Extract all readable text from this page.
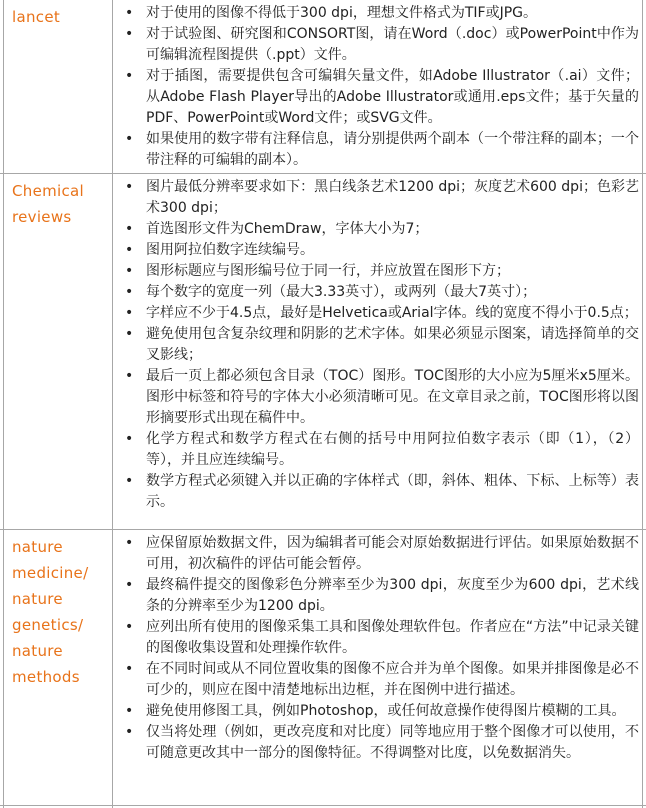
lancet	• 对于使用的图像不得低于300 dpi，理想文件格式为TIF或JPG。
• 对于试验图、研究图和CONSORT图，请在Word（.doc）或PowerPoint中作为可编辑流程图提供（.ppt）文件。
• 对于插图，需要提供包含可编辑矢量文件，如Adobe Illustrator（.ai）文件；从Adobe Flash Player导出的Adobe Illustrator或通用.eps文件；基于矢量的PDF、PowerPoint或Word文件；或SVG文件。
• 如果使用的数字带有注释信息，请分别提供两个副本（一个带注释的副本；一个带注释的可编辑的副本）。
Chemical reviews
• 图片最低分辨率要求如下：黑白线条艺术1200 dpi；灰度艺术600 dpi；色彩艺术300 dpi；
• 首选图形文件为ChemDraw，字体大小为7；
• 图用阿拉伯数字连续编号。
• 图形标题应与图形编号位于同一行，并应放置在图形下方；
• 每个数字的宽度一列（最大3.33英寸），或两列（最大7英寸）；
• 字样应不少于4.5点，最好是Helvetica或Arial字体。线的宽度不得小于0.5点；
• 避免使用包含复杂纹理和阴影的艺术字体。如果必须显示图案，请选择简单的交叉影线；
• 最后一页上都必须包含目录（TOC）图形。TOC图形的大小应为5厘米x5厘米。图形中标签和符号的字体大小必须清晰可见。在文章目录之前，TOC图形将以图形摘要形式出现在稿件中。
• 化学方程式和数学方程式在右侧的括号中用阿拉伯数字表示（即（1），（2）等），并且应连续编号。
• 数学方程式必须键入并以正确的字体样式（即，斜体、粗体、下标、上标等）表示。
nature medicine/ nature genetics/ nature methods
• 应保留原始数据文件，因为编辑者可能会对原始数据进行评估。如果原始数据不可用，初次稿件的评估可能会暂停。
• 最终稿件提交的图像彩色分辨率至少为300 dpi，灰度至少为600 dpi，艺术线条的分辨率至少为1200 dpi。
• 应列出所有使用的图像采集工具和图像处理软件包。作者应在“方法”中记录关键的图像收集设置和处理操作软件。
• 在不同时间或从不同位置收集的图像不应合并为单个图像。如果并排图像是必不可少的，则应在图中清楚地标出边框，并在图例中进行描述。
• 避免使用修图工具，例如Photoshop，或任何故意操作使得图片模糊的工具。
• 仅当将处理（例如，更改亮度和对比度）同等地应用于整个图像才可以使用，不可随意更改其中一部分的图像特征。不得调整对比度，以免数据消失。
